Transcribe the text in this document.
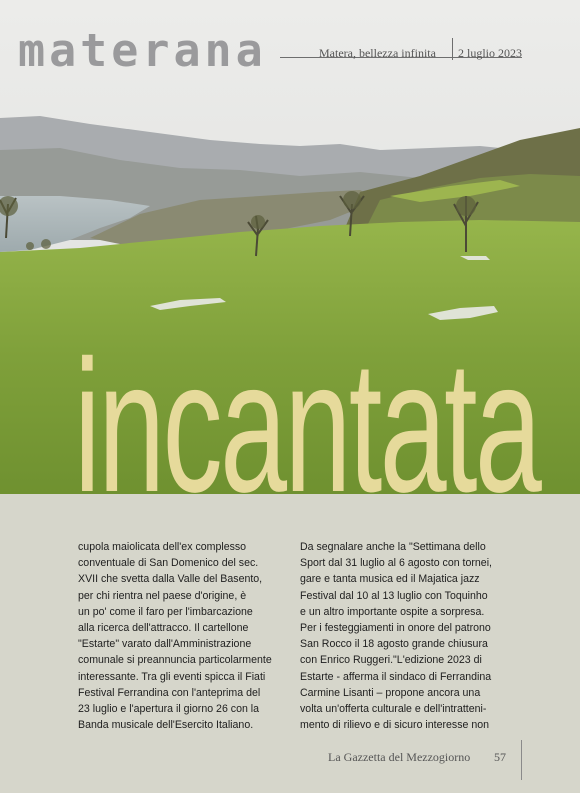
materana	Matera, bellezza infinita 2 luglio 2023
incantata

cupola maiolicata dell'ex complesso

conventuale di San Domenico del sec.

XVII che svetta dalla Valle del Basento,

per chi rientra nel paese d'origine, è

un po' come il faro per l'imbarcazione

alla ricerca dell'attracco. Il cartellone

"Estarte" varato dall'Amministrazione

comunale si preannuncia particolarmente

interessante. Tra gli eventi spicca il Fiati

Festival Ferrandina con l'anteprima del

23 luglio e l'apertura il giorno 26 con la

Banda musicale dell'Esercito Italiano.

Da segnalare anche la "Settimana dello

Sport dal 31 luglio al 6 agosto con tornei,

gare e tanta musica ed il Majatica jazz

Festival dal 10 al 13 luglio con Toquinho

e un altro importante ospite a sorpresa.

Per i festeggiamenti in onore del patrono

San Rocco il 18 agosto grande chiusura

con Enrico Ruggeri."L'edizione 2023 di

Estarte - afferma il sindaco di Ferrandina

Carmine Lisanti – propone ancora una

volta un'offerta culturale e dell'intratteni-

mento di rilievo e di sicuro interesse non

La Gazzetta del Mezzogiorno 57
